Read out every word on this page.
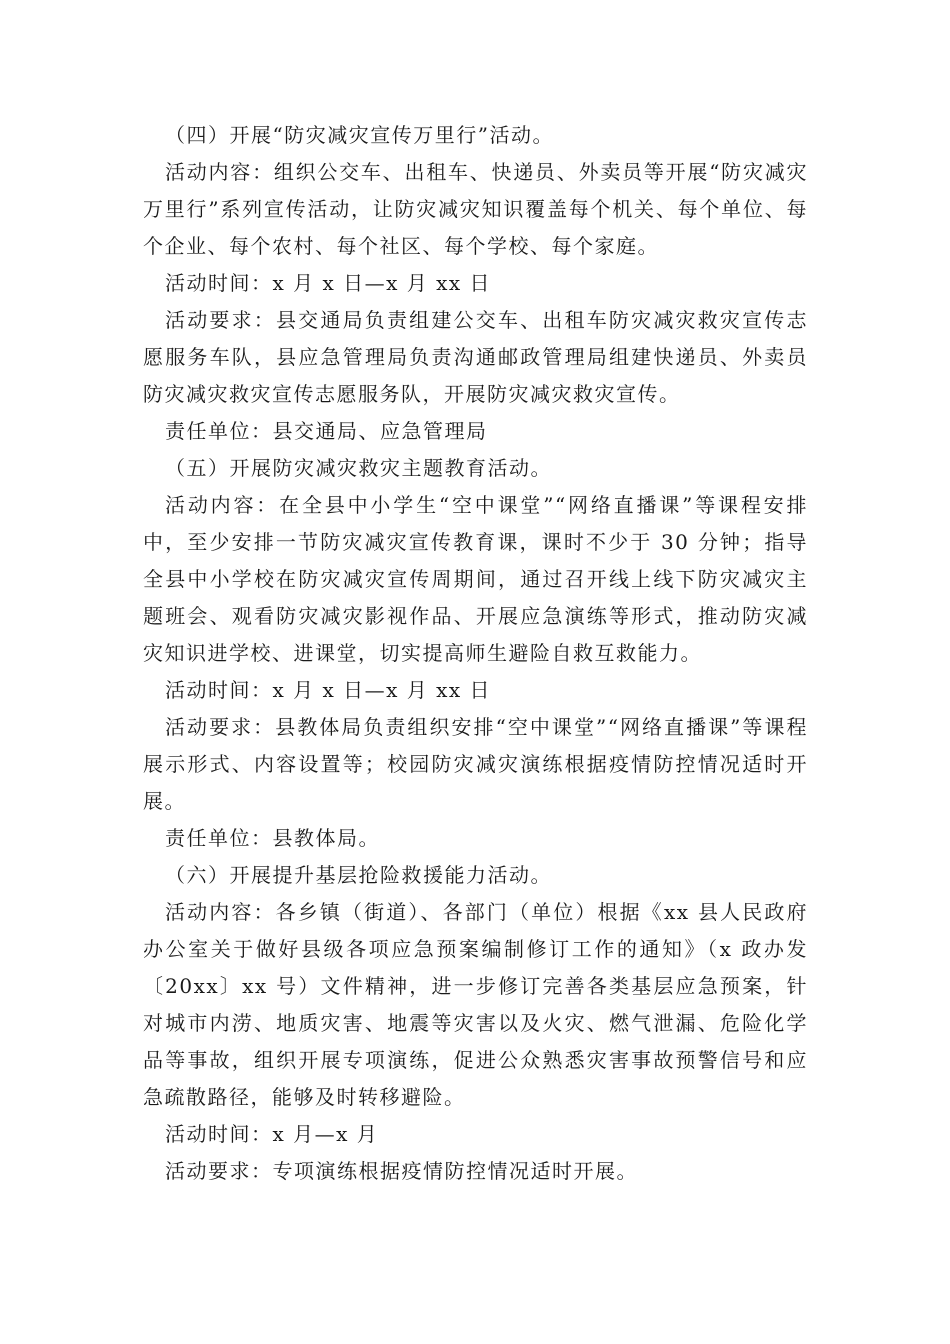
（四）开展“防灾减灾宣传万里行”活动。

活动内容：组织公交车、出租车、快递员、外卖员等开展“防灾减灾万里行”系列宣传活动，让防灾减灾知识覆盖每个机关、每个单位、每个企业、每个农村、每个社区、每个学校、每个家庭。

活动时间：x 月 x 日—x 月 xx 日

活动要求：县交通局负责组建公交车、出租车防灾减灾救灾宣传志愿服务车队，县应急管理局负责沟通邮政管理局组建快递员、外卖员防灾减灾救灾宣传志愿服务队，开展防灾减灾救灾宣传。

责任单位：县交通局、应急管理局

（五）开展防灾减灾救灾主题教育活动。

活动内容：在全县中小学生“空中课堂”“网络直播课”等课程安排中，至少安排一节防灾减灾宣传教育课，课时不少于 30 分钟；指导全县中小学校在防灾减灾宣传周期间，通过召开线上线下防灾减灾主题班会、观看防灾减灾影视作品、开展应急演练等形式，推动防灾减灾知识进学校、进课堂，切实提高师生避险自救互救能力。

活动时间：x 月 x 日—x 月 xx 日

活动要求：县教体局负责组织安排“空中课堂”“网络直播课”等课程展示形式、内容设置等；校园防灾减灾演练根据疫情防控情况适时开展。

责任单位：县教体局。

（六）开展提升基层抢险救援能力活动。

活动内容：各乡镇（街道）、各部门（单位）根据《xx 县人民政府办公室关于做好县级各项应急预案编制修订工作的通知》（x 政办发〔20xx〕xx 号）文件精神，进一步修订完善各类基层应急预案，针对城市内涝、地质灾害、地震等灾害以及火灾、燃气泄漏、危险化学品等事故，组织开展专项演练，促进公众熟悉灾害事故预警信号和应急疏散路径，能够及时转移避险。

活动时间：x 月—x 月

活动要求：专项演练根据疫情防控情况适时开展。
